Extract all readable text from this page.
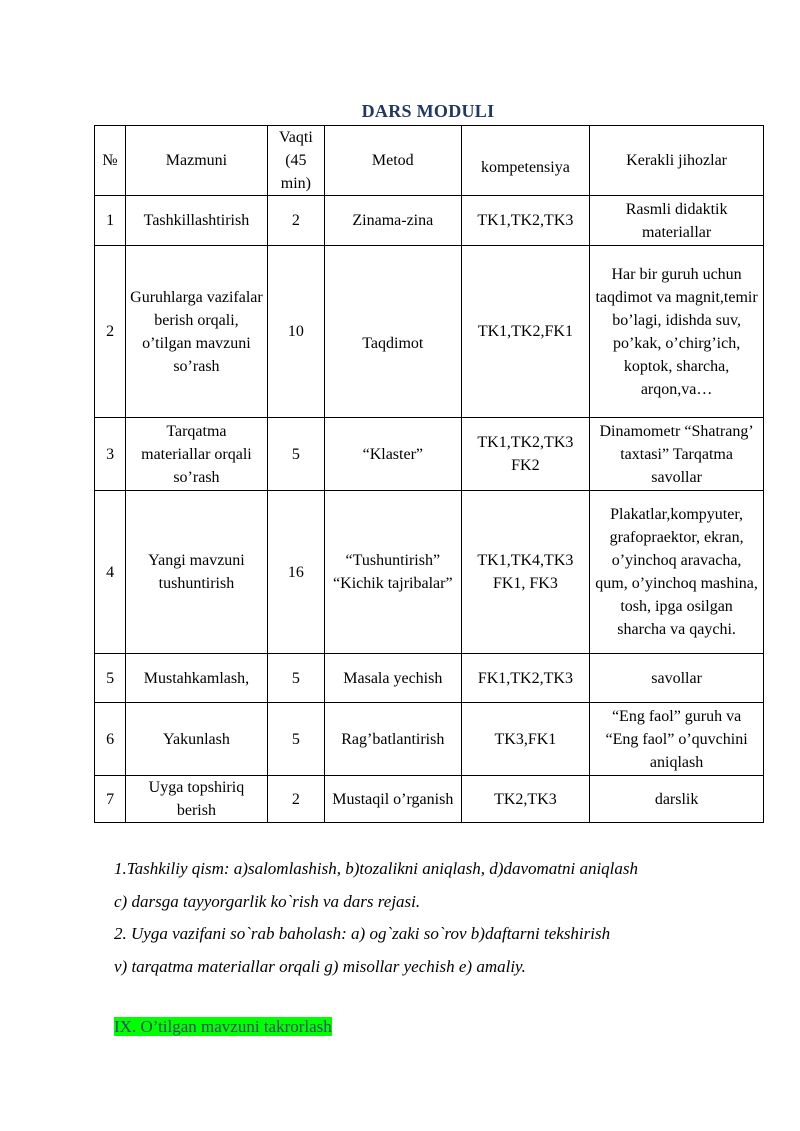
DARS MODULI
№	Mazmuni	Vaqti (45 min)	Metod	kompetensiya	Kerakli jihozlar
1	Tashkillashtirish	2	Zinama-zina	TK1,TK2,TK3	Rasmli didaktik materiallar
2	Guruhlarga vazifalar berish orqali, o’tilgan mavzuni so’rash	10	Taqdimot	TK1,TK2,FK1	Har bir guruh uchun taqdimot va magnit,temir bo’lagi, idishda suv, po’kak, o’chirg’ich, koptok, sharcha, arqon,va…
3	Tarqatma materiallar orqali so’rash	5	“Klaster”	TK1,TK2,TK3 FK2	Dinamometr “Shatrang’ taxtasi” Tarqatma savollar
4	Yangi mavzuni tushuntirish	16	“Tushuntirish” “Kichik tajribalar”	TK1,TK4,TK3 FK1, FK3	Plakatlar,kompyuter, grafopraektor, ekran, o’yinchoq aravacha, qum, o’yinchoq mashina, tosh, ipga osilgan sharcha va qaychi.
5	Mustahkamlash,	5	Masala yechish	FK1,TK2,TK3	savollar
6	Yakunlash	5	Rag’batlantirish	TK3,FK1	“Eng faol” guruh va “Eng faol” o’quvchini aniqlash
7	Uyga topshiriq berish	2	Mustaqil o’rganish	TK2,TK3	darslik

1.Tashkiliy qism: a)salomlashish, b)tozalikni aniqlash, d)davomatni aniqlash

c) darsga tayyorgarlik ko`rish va dars rejasi.

2. Uyga vazifani so`rab baholash: a) og`zaki so`rov b)daftarni tekshirish

v) tarqatma materiallar orqali g) misollar yechish e) amaliy.

IX. O’tilgan mavzuni takrorlash
